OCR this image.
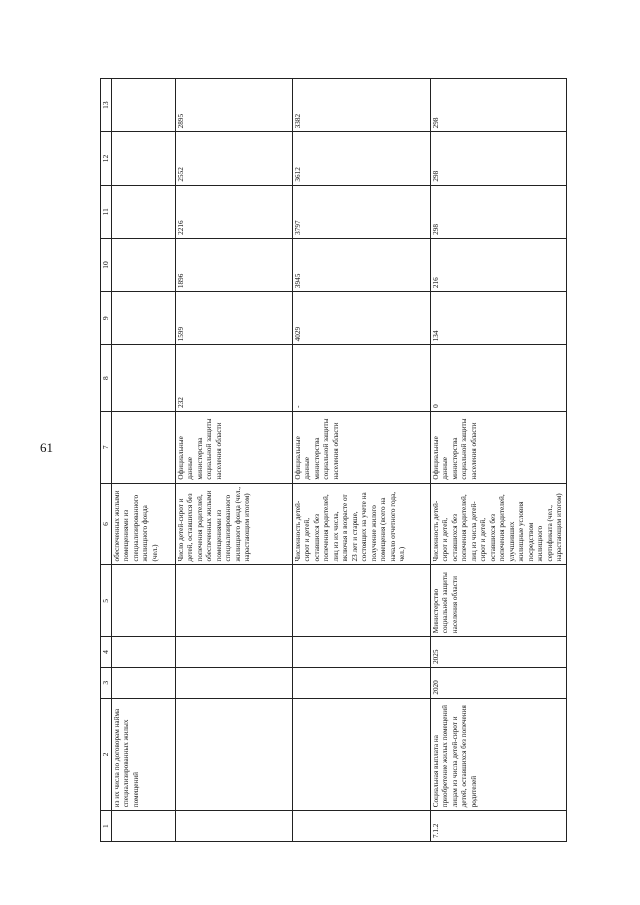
61
1	2	3	4	5	6	7	8	9	10	11	12	13
	из их числа по договорам найма специализированных жилых помещений				обеспеченных жилыми помещениями из специализированного жилищного фонда (чел.)							
					Число детей-сирот и детей, оставшихся без попечения родителей, обеспеченных жилыми помещениями из специализированного жилищного фонда (чел., нарастающим итогом)	Официальные данные министерства социальной защиты населения области	232	1599	1896	2216	2552	2895
					Численность детей-сирот и детей, оставшихся без попечения родителей, лиц из их числа, включая в возрасте от 23 лет и старше, состоящих на учете на получение жилого помещения (всего на начало отчетного года, чел.)	Официальные данные министерства социальной защиты населения области	-	4029	3945	3797	3612	3382
7.1.2	Социальная выплата на приобретение жилых помещений лицам из числа детей-сирот и детей, оставшихся без попечения родителей	2020	2025	Министерство социальной защиты населения области	Численность детей-сирот и детей, оставшихся без попечения родителей, лиц из числа детей-сирот и детей, оставшихся без попечения родителей, улучшивших жилищные условия посредством жилищного сертификата (чел., нарастающим итогом)	Официальные данные министерства социальной защиты населения области	0	134	216	298	298	298
